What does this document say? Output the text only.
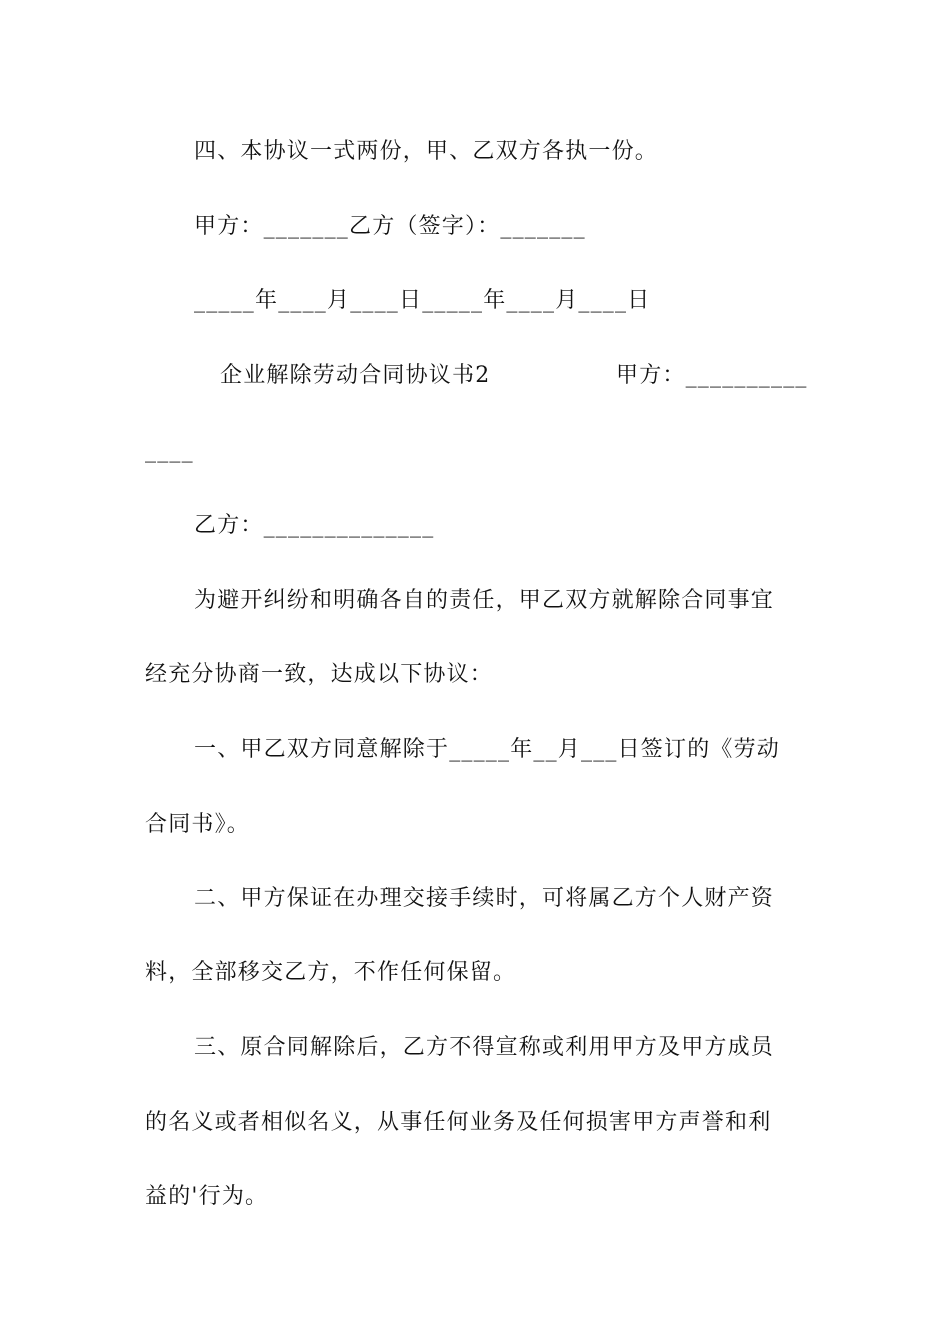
四、本协议一式两份，甲、乙双方各执一份。
甲方：_______乙方（签字）：_______
_____年____月____日_____年____月____日
企业解除劳动合同协议书2	甲方：__________
____
乙方：______________
为避开纠纷和明确各自的责任，甲乙双方就解除合同事宜
经充分协商一致，达成以下协议：
一、甲乙双方同意解除于_____年__月___日签订的《劳动
合同书》。
二、甲方保证在办理交接手续时，可将属乙方个人财产资
料，全部移交乙方，不作任何保留。
三、原合同解除后，乙方不得宣称或利用甲方及甲方成员
的名义或者相似名义，从事任何业务及任何损害甲方声誉和利
益的'行为。
